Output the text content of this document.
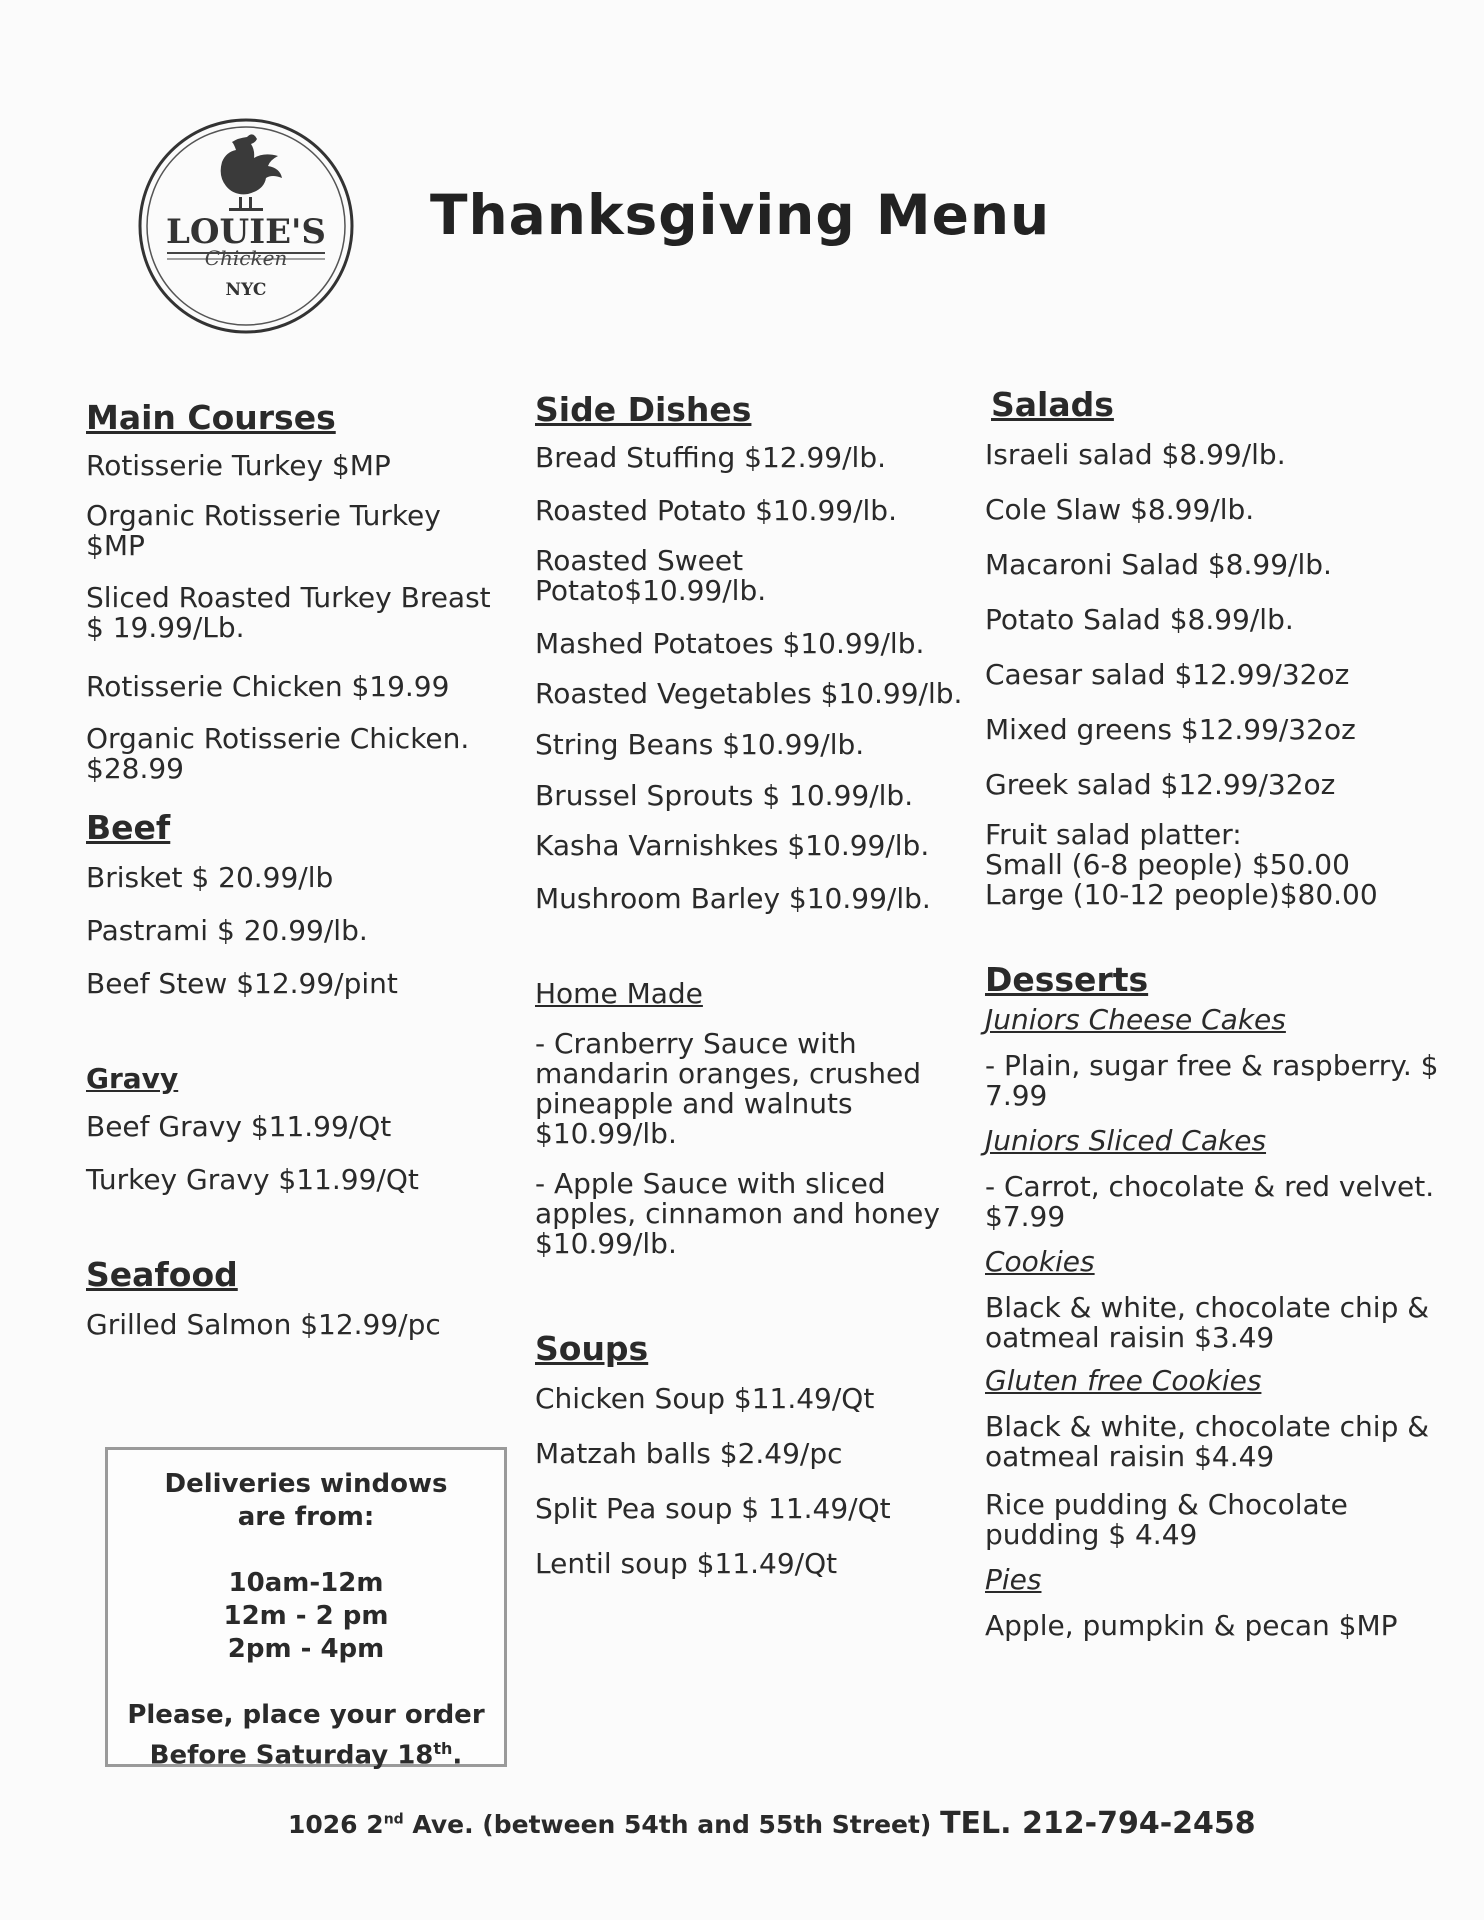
LOUIE'S
Chicken
NYC
Thanksgiving Menu

Main Courses

Rotisserie Turkey $MP

Organic Rotisserie Turkey $MP

Sliced Roasted Turkey Breast $ 19.99/Lb.

Rotisserie Chicken $19.99

Organic Rotisserie Chicken. $28.99

Beef

Brisket $ 20.99/lb

Pastrami $ 20.99/lb.

Beef Stew $12.99/pint

Gravy

Beef Gravy $11.99/Qt

Turkey Gravy $11.99/Qt

Seafood

Grilled Salmon $12.99/pc

Side Dishes

Bread Stuffing $12.99/lb.

Roasted Potato $10.99/lb.

Roasted Sweet Potato$10.99/lb.

Mashed Potatoes $10.99/lb.

Roasted Vegetables $10.99/lb.

String Beans $10.99/lb.

Brussel Sprouts $ 10.99/lb.

Kasha Varnishkes $10.99/lb.

Mushroom Barley $10.99/lb.

Home Made

- Cranberry Sauce with mandarin oranges, crushed pineapple and walnuts $10.99/lb.

- Apple Sauce with sliced apples, cinnamon and honey $10.99/lb.

Soups

Chicken Soup $11.49/Qt

Matzah balls $2.49/pc

Split Pea soup $ 11.49/Qt

Lentil soup $11.49/Qt

Salads

Israeli salad $8.99/lb.

Cole Slaw $8.99/lb.

Macaroni Salad $8.99/lb.

Potato Salad $8.99/lb.

Caesar salad $12.99/32oz

Mixed greens $12.99/32oz

Greek salad $12.99/32oz

Fruit salad platter:

Small (6-8 people) $50.00

Large (10-12 people)$80.00

Desserts

Juniors Cheese Cakes

- Plain, sugar free & raspberry. $ 7.99

Juniors Sliced Cakes

- Carrot, chocolate & red velvet. $7.99

Cookies

Black & white, chocolate chip & oatmeal raisin $3.49

Gluten free Cookies

Black & white, chocolate chip & oatmeal raisin $4.49

Rice pudding & Chocolate pudding $ 4.49

Pies

Apple, pumpkin & pecan $MP

Deliveries windows

are from:

10am-12m

12m - 2 pm

2pm - 4pm

Please, place your order

Before Saturday 18th.

1026 2nd Ave. (between 54th and 55th Street) TEL. 212-794-2458
